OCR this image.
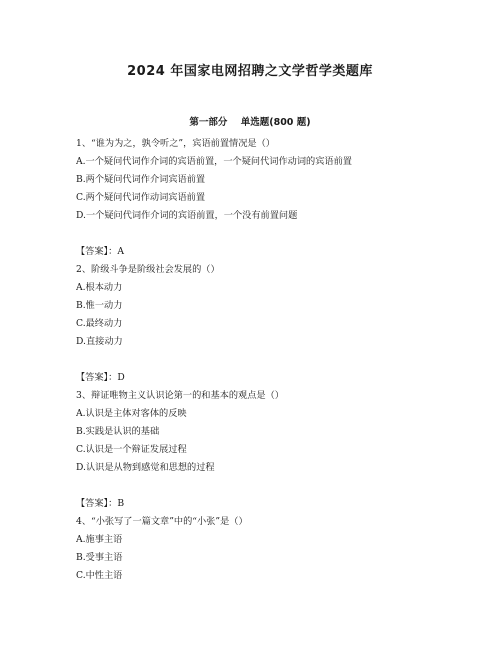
2024 年国家电网招聘之文学哲学类题库
第一部分 单选题(800 题)
1、“谁为为之，孰令听之”，宾语前置情况是（）
A.一个疑问代词作介词的宾语前置，一个疑问代词作动词的宾语前置
B.两个疑问代词作介词宾语前置
C.两个疑问代词作动词宾语前置
D.一个疑问代词作介词的宾语前置，一个没有前置问题
【答案】：A
2、阶级斗争是阶级社会发展的（）
A.根本动力
B.惟一动力
C.最终动力
D.直接动力
【答案】：D
3、辩证唯物主义认识论第一的和基本的观点是（）
A.认识是主体对客体的反映
B.实践是认识的基础
C.认识是一个辩证发展过程
D.认识是从物到感觉和思想的过程
【答案】：B
4、“小张写了一篇文章”中的“小张”是（）
A.施事主语
B.受事主语
C.中性主语
